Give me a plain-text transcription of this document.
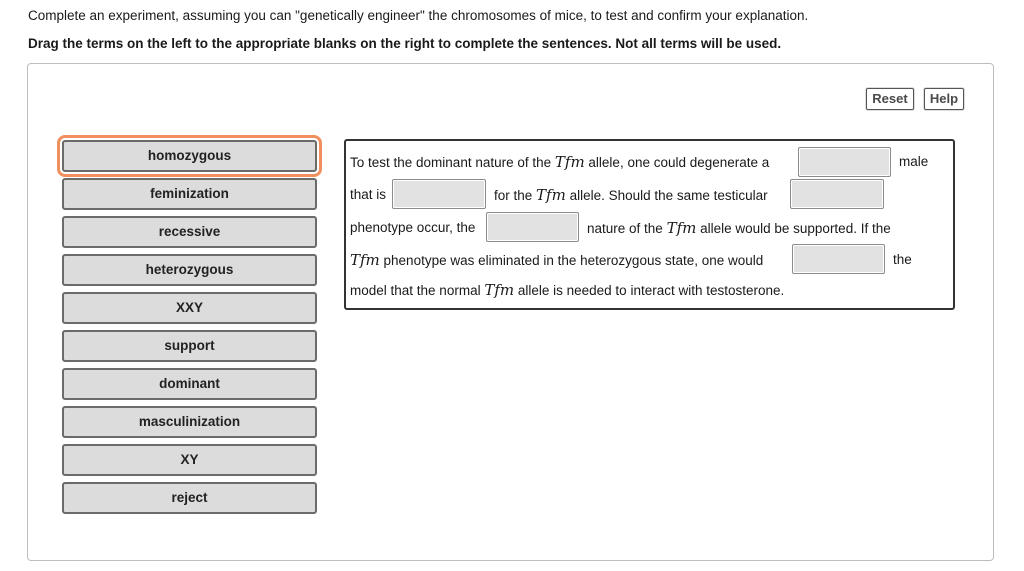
Complete an experiment, assuming you can "genetically engineer" the chromosomes of mice, to test and confirm your explanation.
Drag the terms on the left to the appropriate blanks on the right to complete the sentences. Not all terms will be used.
Reset	Help
homozygous
feminization
recessive
heterozygous
XXY
support
dominant
masculinization
XY
reject
To test the dominant nature of the Tfm allele, one could degenerate a	male
that is	for the Tfm allele. Should the same testicular
phenotype occur, the	nature of the Tfm allele would be supported. If the
Tfm phenotype was eliminated in the heterozygous state, one would	the
model that the normal Tfm allele is needed to interact with testosterone.
